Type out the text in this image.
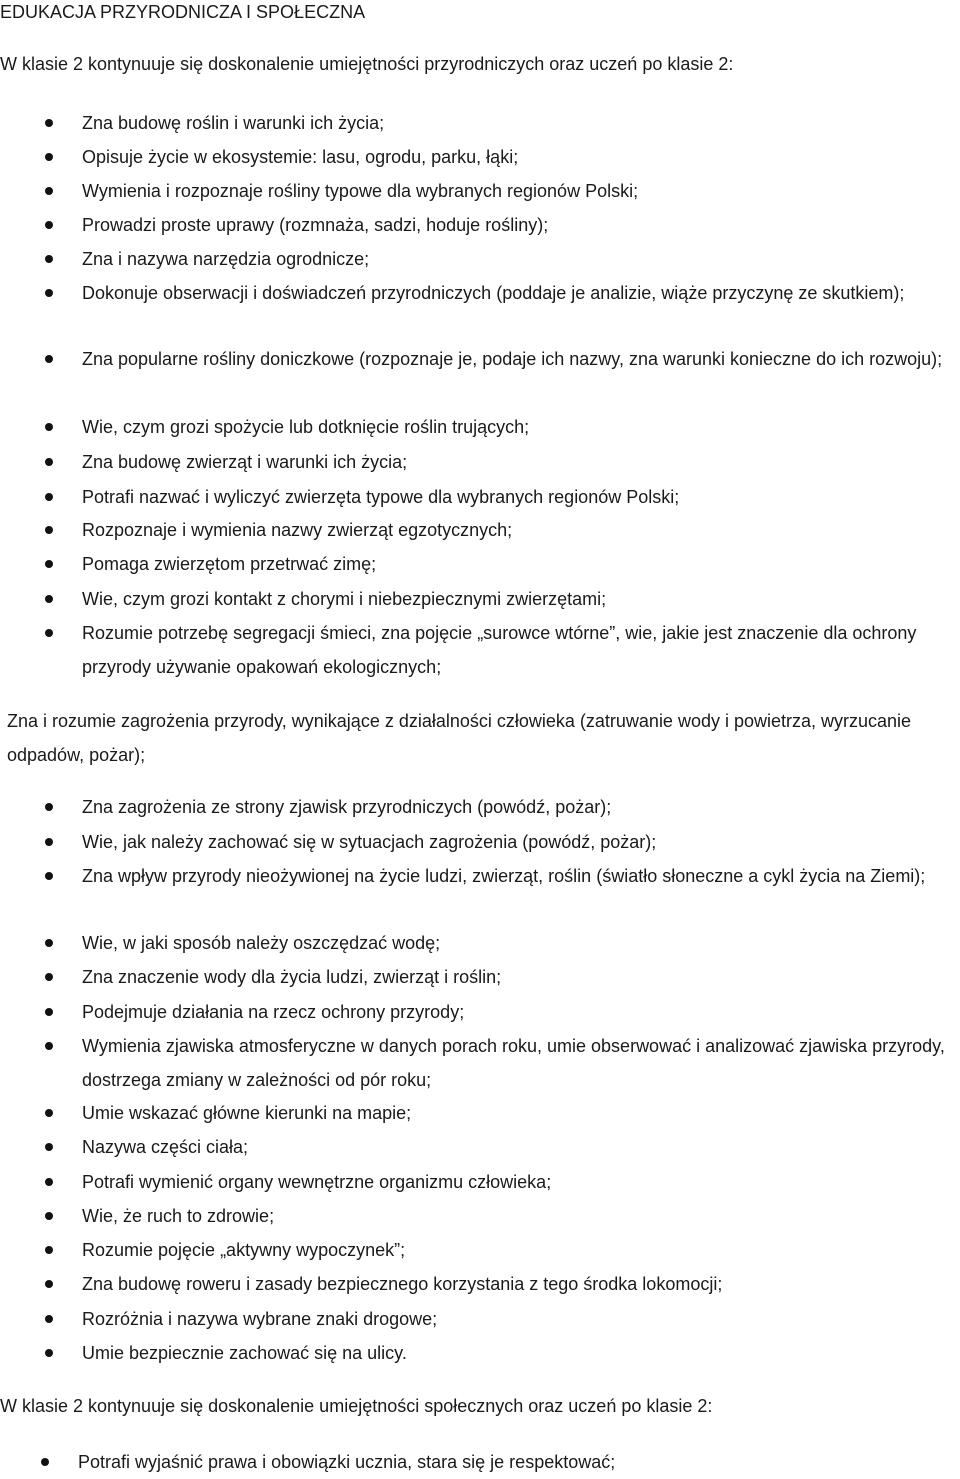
EDUKACJA PRZYRODNICZA I SPOŁECZNA
W klasie 2 kontynuuje się doskonalenie umiejętności przyrodniczych oraz uczeń po klasie 2:
Zna budowę roślin i warunki ich życia;
Opisuje życie w ekosystemie: lasu, ogrodu, parku, łąki;
Wymienia i rozpoznaje rośliny typowe dla wybranych regionów Polski;
Prowadzi proste uprawy (rozmnaża, sadzi, hoduje rośliny);
Zna i nazywa narzędzia ogrodnicze;
Dokonuje obserwacji i doświadczeń przyrodniczych (poddaje je analizie, wiąże przyczynę ze skutkiem);
Zna popularne rośliny doniczkowe (rozpoznaje je, podaje ich nazwy, zna warunki konieczne do ich rozwoju);
Wie, czym grozi spożycie lub dotknięcie roślin trujących;
Zna budowę zwierząt i warunki ich życia;
Potrafi nazwać i wyliczyć zwierzęta typowe dla wybranych regionów Polski;
Rozpoznaje i wymienia nazwy zwierząt egzotycznych;
Pomaga zwierzętom przetrwać zimę;
Wie, czym grozi kontakt z chorymi i niebezpiecznymi zwierzętami;
Rozumie potrzebę segregacji śmieci, zna pojęcie „surowce wtórne”, wie, jakie jest znaczenie dla ochrony przyrody używanie opakowań ekologicznych;
Zna i rozumie zagrożenia przyrody, wynikające z działalności człowieka (zatruwanie wody i powietrza, wyrzucanie odpadów, pożar);
Zna zagrożenia ze strony zjawisk przyrodniczych (powódź, pożar);
Wie, jak należy zachować się w sytuacjach zagrożenia (powódź, pożar);
Zna wpływ przyrody nieożywionej na życie ludzi, zwierząt, roślin (światło słoneczne a cykl życia na Ziemi);
Wie, w jaki sposób należy oszczędzać wodę;
Zna znaczenie wody dla życia ludzi, zwierząt i roślin;
Podejmuje działania na rzecz ochrony przyrody;
Wymienia zjawiska atmosferyczne w danych porach roku, umie obserwować i analizować zjawiska przyrody, dostrzega zmiany w zależności od pór roku;
Umie wskazać główne kierunki na mapie;
Nazywa części ciała;
Potrafi wymienić organy wewnętrzne organizmu człowieka;
Wie, że ruch to zdrowie;
Rozumie pojęcie „aktywny wypoczynek”;
Zna budowę roweru i zasady bezpiecznego korzystania z tego środka lokomocji;
Rozróżnia i nazywa wybrane znaki drogowe;
Umie bezpiecznie zachować się na ulicy.
W klasie 2 kontynuuje się doskonalenie umiejętności społecznych oraz uczeń po klasie 2:
Potrafi wyjaśnić prawa i obowiązki ucznia, stara się je respektować;
